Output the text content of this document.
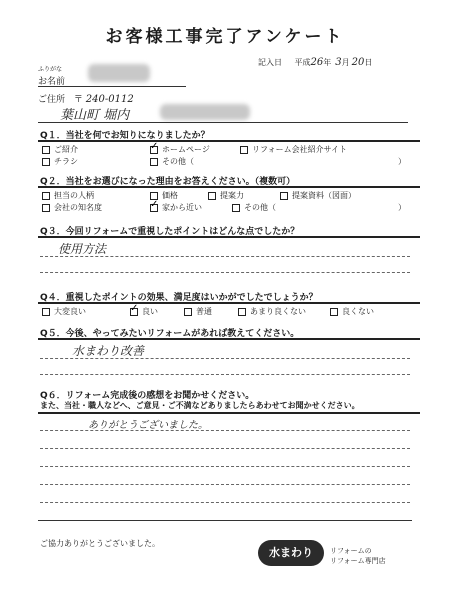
お客様工事完了アンケート
記入日 平成26年 3月 20日
ふりがな
お名前
ご住所 〒 240-0112
葉山町 堀内
Q１．当社を何でお知りになりましたか？
ご紹介 ✓	ホームページ	リフォーム会社紹介サイト
チラシ	その他（	）
Q２．当社をお選びになった理由をお答えください。（複数可）
担当の人柄	価格	提案力	提案資料（図面）
会社の知名度 ✓	家から近い	その他（	）
Q３．今回リフォームで重視したポイントはどんな点でしたか？
使用方法
Q４．重視したポイントの効果、満足度はいかがでしたでしょうか？
大変良い ✓	良い	普通	あまり良くない	良くない
Q５．今後、やってみたいリフォームがあれば教えてください。
水まわり改善
Q６．リフォーム完成後の感想をお聞かせください。
また、当社・職人などへ、ご意見・ご不満などありましたらあわせてお聞かせください。
ありがとうございました。
ご協力ありがとうございました。
水まわり	リフォームの
リフォーム専門店
